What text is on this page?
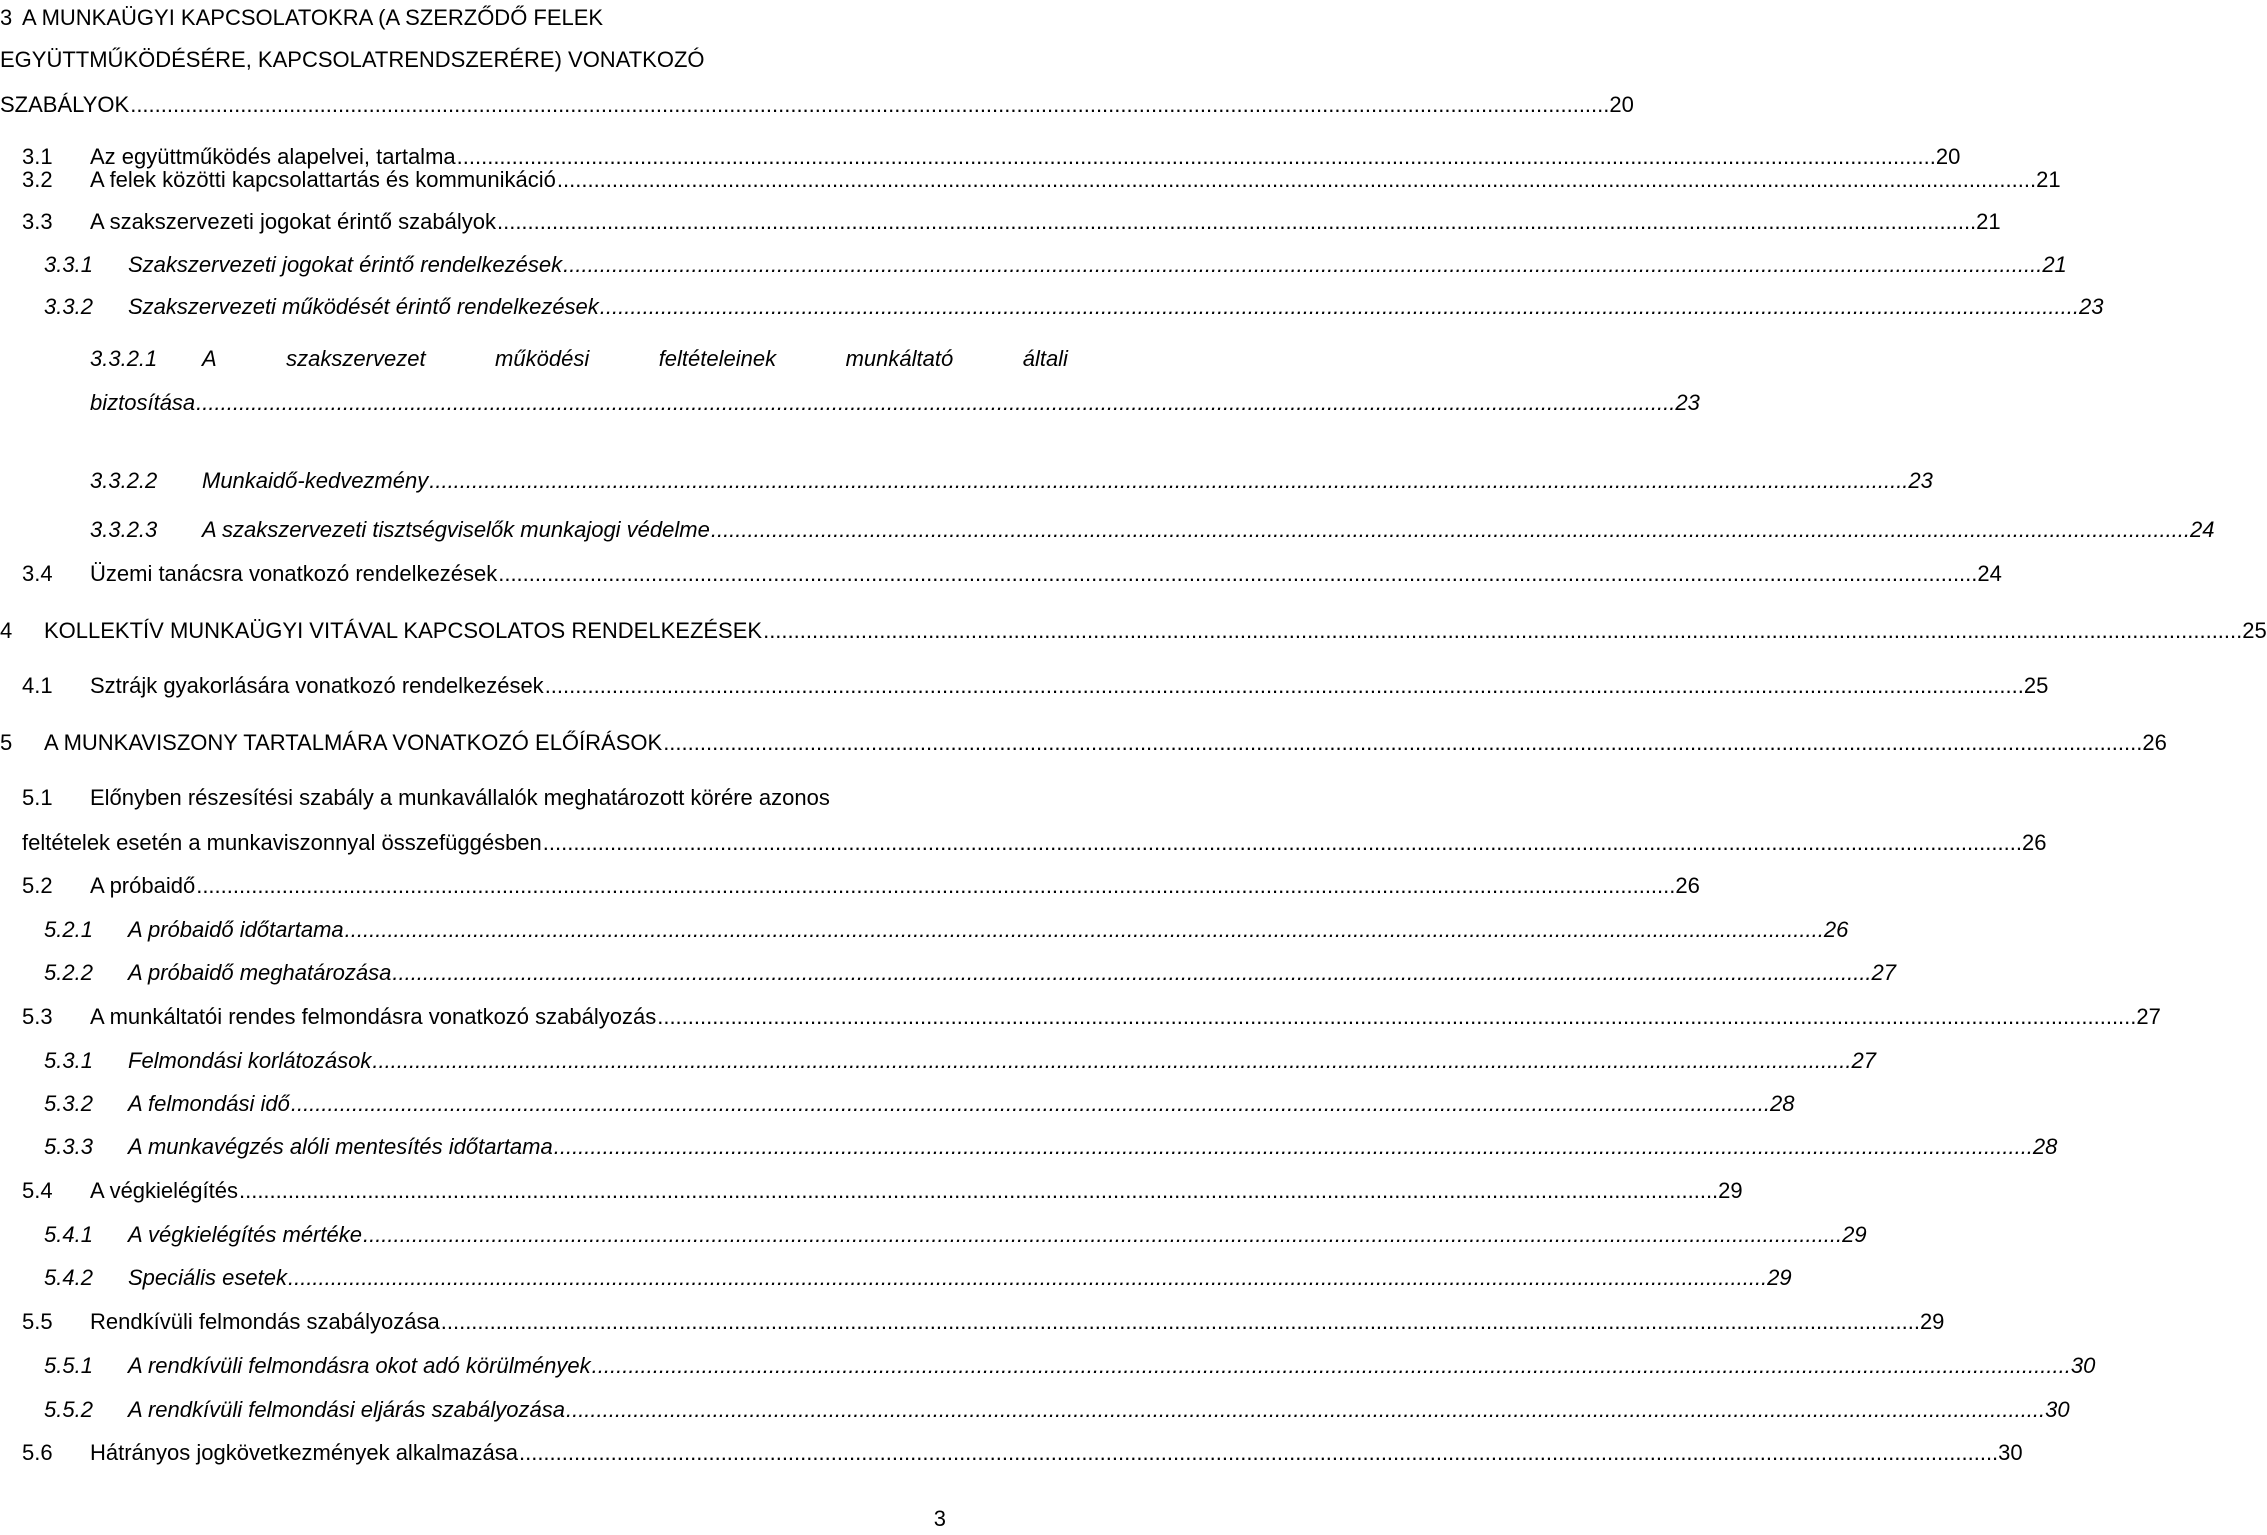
3 A MUNKAÜGYI KAPCSOLATOKRA (A SZERZŐDŐ FELEK
EGYÜTTMŰKÖDÉSÉRE, KAPCSOLATRENDSZERÉRE) VONATKOZÓ
SZABÁLYOK .....	20
3.1 Az együttműködés alapelvei, tartalma .....	20
3.2 A felek közötti kapcsolattartás és kommunikáció .....	21
3.3 A szakszervezeti jogokat érintő szabályok .....	21
3.3.1 Szakszervezeti jogokat érintő rendelkezések .....	21
3.3.2 Szakszervezeti működését érintő rendelkezések .....	23
3.3.2.1 A	szakszervezet	működési	feltételeinek	munkáltató	általi
biztosítása .....	23
3.3.2.2 Munkaidő-kedvezmény .....	23
3.3.2.3 A szakszervezeti tisztségviselők munkajogi védelme .....	24
3.4 Üzemi tanácsra vonatkozó rendelkezések .....	24
4 KOLLEKTÍV MUNKAÜGYI VITÁVAL KAPCSOLATOS RENDELKEZÉSEK .....	25
4.1 Sztrájk gyakorlására vonatkozó rendelkezések .....	25
5 A MUNKAVISZONY TARTALMÁRA VONATKOZÓ ELŐÍRÁSOK .....	26
5.1 Előnyben részesítési szabály a munkavállalók meghatározott körére azonos
feltételek esetén a munkaviszonnyal összefüggésben .....	26
5.2 A próbaidő .....	26
5.2.1 A próbaidő időtartama .....	26
5.2.2 A próbaidő meghatározása .....	27
5.3 A munkáltatói rendes felmondásra vonatkozó szabályozás .....	27
5.3.1 Felmondási korlátozások .....	27
5.3.2 A felmondási idő .....	28
5.3.3 A munkavégzés alóli mentesítés időtartama .....	28
5.4 A végkielégítés .....	29
5.4.1 A végkielégítés mértéke .....	29
5.4.2 Speciális esetek .....	29
5.5 Rendkívüli felmondás szabályozása .....	29
5.5.1 A rendkívüli felmondásra okot adó körülmények .....	30
5.5.2 A rendkívüli felmondási eljárás szabályozása .....	30
5.6 Hátrányos jogkövetkezmények alkalmazása .....	30
3
